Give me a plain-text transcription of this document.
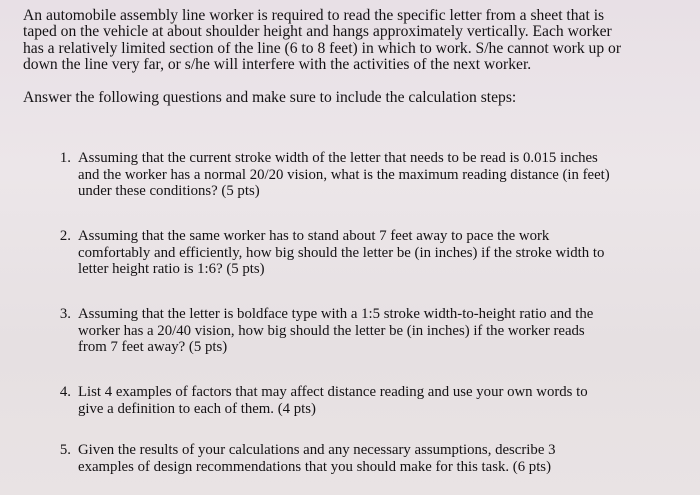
An automobile assembly line worker is required to read the specific letter from a sheet that is
taped on the vehicle at about shoulder height and hangs approximately vertically. Each worker
has a relatively limited section of the line (6 to 8 feet) in which to work. S/he cannot work up or
down the line very far, or s/he will interfere with the activities of the next worker.

Answer the following questions and make sure to include the calculation steps:

1. Assuming that the current stroke width of the letter that needs to be read is 0.015 inches
and the worker has a normal 20/20 vision, what is the maximum reading distance (in feet)
under these conditions? (5 pts)
2. Assuming that the same worker has to stand about 7 feet away to pace the work
comfortably and efficiently, how big should the letter be (in inches) if the stroke width to
letter height ratio is 1:6? (5 pts)
3. Assuming that the letter is boldface type with a 1:5 stroke width-to-height ratio and the
worker has a 20/40 vision, how big should the letter be (in inches) if the worker reads
from 7 feet away? (5 pts)
4. List 4 examples of factors that may affect distance reading and use your own words to
give a definition to each of them. (4 pts)
5. Given the results of your calculations and any necessary assumptions, describe 3
examples of design recommendations that you should make for this task. (6 pts)
